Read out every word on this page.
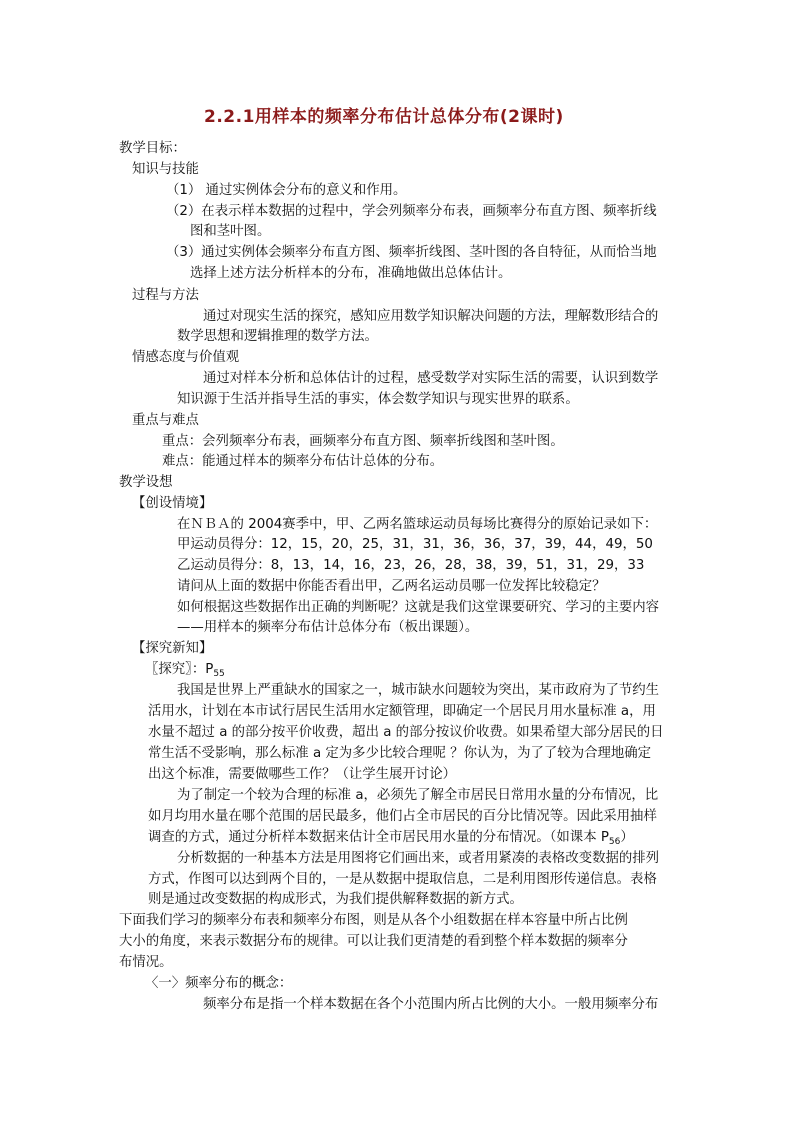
2.2.1用样本的频率分布估计总体分布(2课时)
教学目标：
知识与技能
（1） 通过实例体会分布的意义和作用。
（2）在表示样本数据的过程中，学会列频率分布表，画频率分布直方图、频率折线
图和茎叶图。
（3）通过实例体会频率分布直方图、频率折线图、茎叶图的各自特征，从而恰当地
选择上述方法分析样本的分布，准确地做出总体估计。
过程与方法
通过对现实生活的探究，感知应用数学知识解决问题的方法，理解数形结合的
数学思想和逻辑推理的数学方法。
情感态度与价值观
通过对样本分析和总体估计的过程，感受数学对实际生活的需要，认识到数学
知识源于生活并指导生活的事实，体会数学知识与现实世界的联系。
重点与难点
重点：会列频率分布表，画频率分布直方图、频率折线图和茎叶图。
难点：能通过样本的频率分布估计总体的分布。
教学设想
【创设情境】
在ＮＢＡ的 2004赛季中，甲、乙两名篮球运动员每场比赛得分的原始记录如下：
甲运动员得分：12，15，20，25，31，31，36，36，37，39，44，49，50
乙运动员得分：8，13，14，16，23，26，28，38，39，51，31，29，33
请问从上面的数据中你能否看出甲，乙两名运动员哪一位发挥比较稳定？
如何根据这些数据作出正确的判断呢？这就是我们这堂课要研究、学习的主要内容
——用样本的频率分布估计总体分布（板出课题）。
【探究新知】
〖探究〗：$P_{55}$
我国是世界上严重缺水的国家之一，城市缺水问题较为突出，某市政府为了节约生
活用水，计划在本市试行居民生活用水定额管理，即确定一个居民月用水量标准 a，用
水量不超过 a 的部分按平价收费，超出 a 的部分按议价收费。如果希望大部分居民的日
常生活不受影响，那么标准 a 定为多少比较合理呢 ？你认为，为了了较为合理地确定
出这个标准，需要做哪些工作？（让学生展开讨论）
为了制定一个较为合理的标准 a，必须先了解全市居民日常用水量的分布情况，比
如月均用水量在哪个范围的居民最多，他们占全市居民的百分比情况等。因此采用抽样
调查的方式，通过分析样本数据来估计全市居民用水量的分布情况。（如课本 $P_{56}$）
分析数据的一种基本方法是用图将它们画出来，或者用紧凑的表格改变数据的排列
方式，作图可以达到两个目的，一是从数据中提取信息，二是利用图形传递信息。表格
则是通过改变数据的构成形式，为我们提供解释数据的新方式。
下面我们学习的频率分布表和频率分布图，则是从各个小组数据在样本容量中所占比例
大小的角度，来表示数据分布的规律。可以让我们更清楚的看到整个样本数据的频率分
布情况。
〈一〉频率分布的概念：
频率分布是指一个样本数据在各个小范围内所占比例的大小。一般用频率分布
